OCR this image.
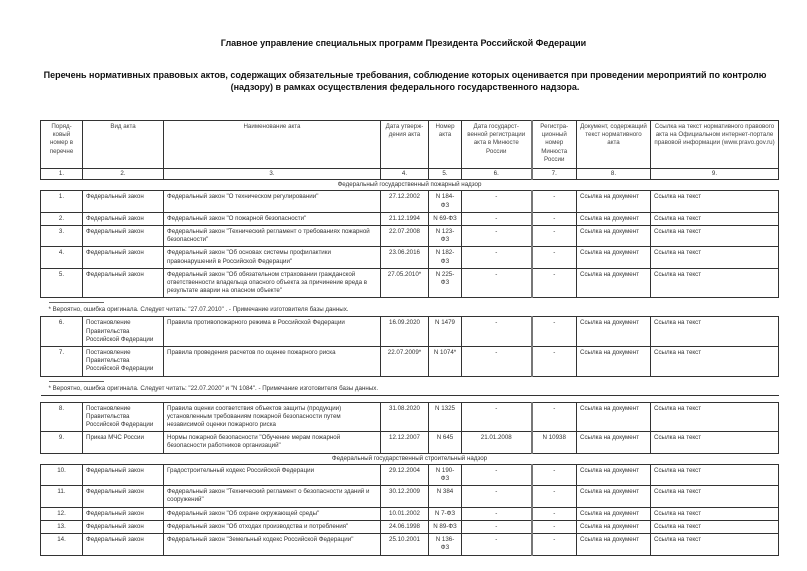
Главное управление специальных программ Президента Российской Федерации
Перечень нормативных правовых актов, содержащих обязательные требования, соблюдение которых оценивается при проведении мероприятий по контролю (надзору) в рамках осуществления федерального государственного надзора.
Поряд-ковый номер в перечне	Вид акта	Наименование акта	Дата утверж-дения акта	Номер акта	Дата государст-венной регистрации акта в Минюсте России	Регистра-ционный номер Минюста России	Документ, содержащий текст нормативного акта	Ссылка на текст нормативного правового акта на Официальном интернет-портале правовой информации (www.pravo.gov.ru)
1.	2.	3.	4.	5.	6.	7.	8.	9.
Федеральный государственный пожарный надзор								
1.	Федеральный закон	Федеральный закон "О техническом регулировании"	27.12.2002	N 184-ФЗ	-	-	Ссылка на документ	Ссылка на текст
2.	Федеральный закон	Федеральный закон "О пожарной безопасности"	21.12.1994	N 69-ФЗ	-	-	Ссылка на документ	Ссылка на текст
3.	Федеральный закон	Федеральный закон "Технический регламент о требованиях пожарной безопасности"	22.07.2008	N 123-ФЗ	-	-	Ссылка на документ	Ссылка на текст
4.	Федеральный закон	Федеральный закон "Об основах системы профилактики правонарушений в Российской Федерации"	23.06.2016	N 182-ФЗ	-	-	Ссылка на документ	Ссылка на текст
5.	Федеральный закон	Федеральный закон "Об обязательном страховании гражданской ответственности владельца опасного объекта за причинение вреда в результате аварии на опасном объекте"	27.05.2010*	N 225-ФЗ	-	-	Ссылка на документ	Ссылка на текст

* Вероятно, ошибка оригинала. Следует читать: "27.07.2010" . - Примечание изготовителя базы данных.								

6.	Постановление Правительства Российской Федерации	Правила противопожарного режима в Российской Федерации	16.09.2020	N 1479	-	-	Ссылка на документ	Ссылка на текст
7.	Постановление Правительства Российской Федерации	Правила проведения расчетов по оценке пожарного риска	22.07.2009*	N 1074*	-	-	Ссылка на документ	Ссылка на текст

* Вероятно, ошибка оригинала. Следует читать: "22.07.2020" и "N 1084". - Примечание изготовителя базы данных.								

8.	Постановление Правительства Российской Федерации	Правила оценки соответствия объектов защиты (продукции) установленным требованиям пожарной безопасности путем независимой оценки пожарного риска	31.08.2020	N 1325	-	-	Ссылка на документ	Ссылка на текст
9.	Приказ МЧС России	Нормы пожарной безопасности "Обучение мерам пожарной безопасности работников организаций"	12.12.2007	N 645	21.01.2008	N 10938	Ссылка на документ	Ссылка на текст
Федеральный государственный строительный надзор								
10.	Федеральный закон	Градостроительный кодекс Российской Федерации	29.12.2004	N 190-ФЗ	-	-	Ссылка на документ	Ссылка на текст
11.	Федеральный закон	Федеральный закон "Технический регламент о безопасности зданий и сооружений"	30.12.2009	N 384	-	-	Ссылка на документ	Ссылка на текст
12.	Федеральный закон	Федеральный закон "Об охране окружающей среды"	10.01.2002	N 7-ФЗ	-	-	Ссылка на документ	Ссылка на текст
13.	Федеральный закон	Федеральный закон "Об отходах производства и потребления"	24.06.1998	N 89-ФЗ	-	-	Ссылка на документ	Ссылка на текст
14.	Федеральный закон	Федеральный закон "Земельный кодекс Российской Федерации"	25.10.2001	N 136-ФЗ	-	-	Ссылка на документ	Ссылка на текст
